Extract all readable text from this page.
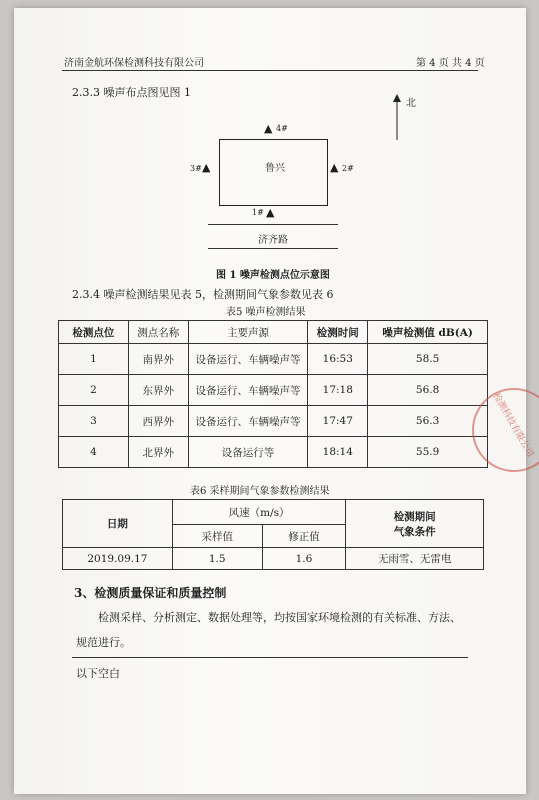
济南金航环保检测科技有限公司	第 4 页 共 4 页
2.3.3 噪声布点图见图 1
北
鲁兴
▲ 4#
▲ 2#
3# ▲
1# ▲
济齐路
图 1 噪声检测点位示意图
2.3.4 噪声检测结果见表 5，检测期间气象参数见表 6
表5 噪声检测结果
检测点位	测点名称	主要声源	检测时间	噪声检测值 dB(A)
1	南界外	设备运行、车辆噪声等	16:53	58.5
2	东界外	设备运行、车辆噪声等	17:18	56.8
3	西界外	设备运行、车辆噪声等	17:47	56.3
4	北界外	设备运行等	18:14	55.9
表6 采样期间气象参数检测结果
日期	风速（m/s）		检测期间
气象条件

	采样值	修正值	
2019.09.17	1.5	1.6	无雨雪、无雷电
3、检测质量保证和质量控制
检测采样、分析测定、数据处理等，均按国家环境检测的有关标准、方法、
规范进行。
以下空白
检测科技有限公司
